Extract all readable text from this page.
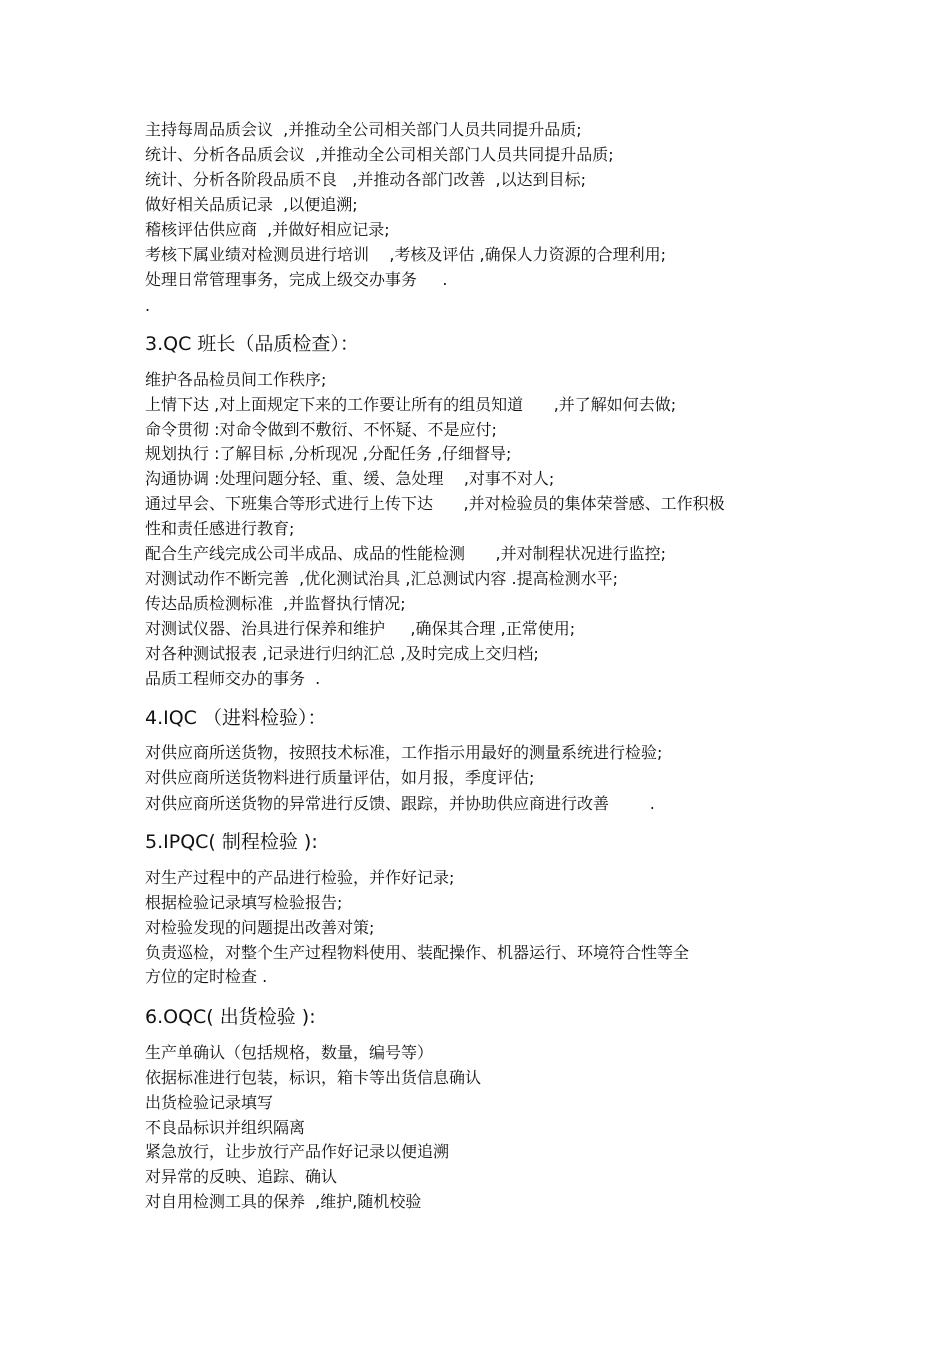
主持每周品质会议  ,并推动全公司相关部门人员共同提升品质;
统计、分析各品质会议  ,并推动全公司相关部门人员共同提升品质;
统计、分析各阶段品质不良   ,并推动各部门改善  ,以达到目标;
做好相关品质记录  ,以便追溯;
稽核评估供应商  ,并做好相应记录;
考核下属业绩对检测员进行培训    ,考核及评估 ,确保人力资源的合理利用;
处理日常管理事务，完成上级交办事务     .
.
3.QC 班长（品质检查）：
维护各品检员间工作秩序;
上情下达 ,对上面规定下来的工作要让所有的组员知道      ,并了解如何去做;
命令贯彻 :对命令做到不敷衍、不怀疑、不是应付;
规划执行 :了解目标 ,分析现况 ,分配任务 ,仔细督导;
沟通协调 :处理问题分轻、重、缓、急处理    ,对事不对人;
通过早会、下班集合等形式进行上传下达      ,并对检验员的集体荣誉感、工作积极
性和责任感进行教育;
配合生产线完成公司半成品、成品的性能检测      ,并对制程状况进行监控;
对测试动作不断完善  ,优化测试治具 ,汇总测试内容 .提高检测水平;
传达品质检测标准  ,并监督执行情况;
对测试仪器、治具进行保养和维护     ,确保其合理 ,正常使用;
对各种测试报表 ,记录进行归纳汇总 ,及时完成上交归档;
品质工程师交办的事务  .
4.IQC （进料检验）：
对供应商所送货物，按照技术标准，工作指示用最好的测量系统进行检验;
对供应商所送货物料进行质量评估，如月报，季度评估;
对供应商所送货物的异常进行反馈、跟踪，并协助供应商进行改善        .
5.IPQC( 制程检验 ):
对生产过程中的产品进行检验，并作好记录;
根据检验记录填写检验报告;
对检验发现的问题提出改善对策;
负责巡检，对整个生产过程物料使用、装配操作、机器运行、环境符合性等全
方位的定时检查 .
6.OQC( 出货检验 ):
生产单确认（包括规格，数量，编号等）
依据标准进行包装，标识，箱卡等出货信息确认
出货检验记录填写
不良品标识并组织隔离
紧急放行，让步放行产品作好记录以便追溯
对异常的反映、追踪、确认
对自用检测工具的保养  ,维护,随机校验
